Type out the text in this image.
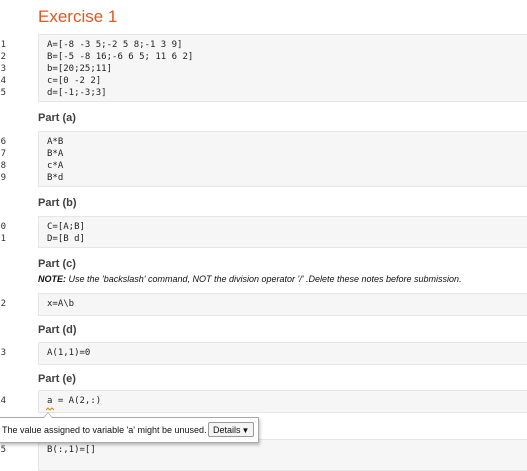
Exercise 1
1
2
3
4
5
6
7
8
9
0
1
2
3
4
5
A=[-8 -3 5;-2 5 8;-1 3 9]
B=[-5 -8 16;-6 6 5; 11 6 2]
b=[20;25;11]
c=[0 -2 2]
d=[-1;-3;3]
Part (a)
A*B
B*A
c*A
B*d
Part (b)
C=[A;B]
D=[B d]
Part (c)
NOTE: Use the 'backslash' command, NOT the division operator '/' .Delete these notes before submission.
x=A\b
Part (d)
A(1,1)=0
Part (e)
a = A(2,:)
B(:,1)=[]
The value assigned to variable 'a' might be unused. Details▼
